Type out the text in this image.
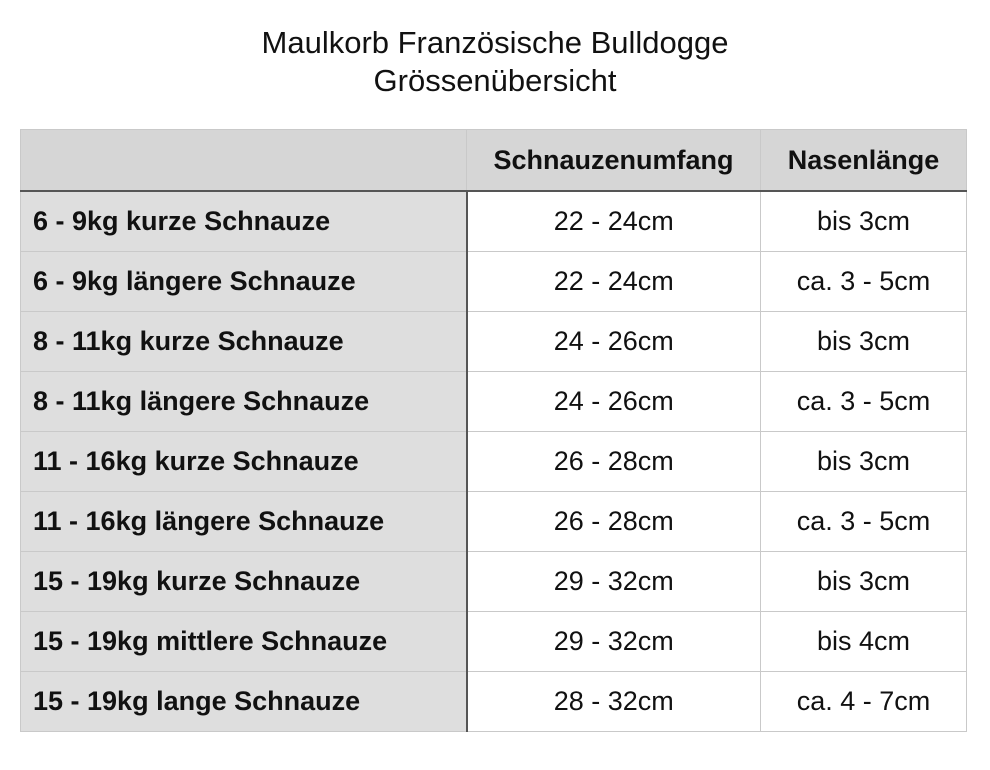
Maulkorb Französische Bulldogge
Grössenübersicht
	Schnauzenumfang	Nasenlänge
6 - 9kg kurze Schnauze	22 - 24cm	bis 3cm
6 - 9kg längere Schnauze	22 - 24cm	ca. 3 - 5cm
8 - 11kg kurze Schnauze	24 - 26cm	bis 3cm
8 - 11kg längere Schnauze	24 - 26cm	ca. 3 - 5cm
11 - 16kg kurze Schnauze	26 - 28cm	bis 3cm
11 - 16kg längere Schnauze	26 - 28cm	ca. 3 - 5cm
15 - 19kg kurze Schnauze	29 - 32cm	bis 3cm
15 - 19kg mittlere Schnauze	29 - 32cm	bis 4cm
15 - 19kg lange Schnauze	28 - 32cm	ca. 4 - 7cm
